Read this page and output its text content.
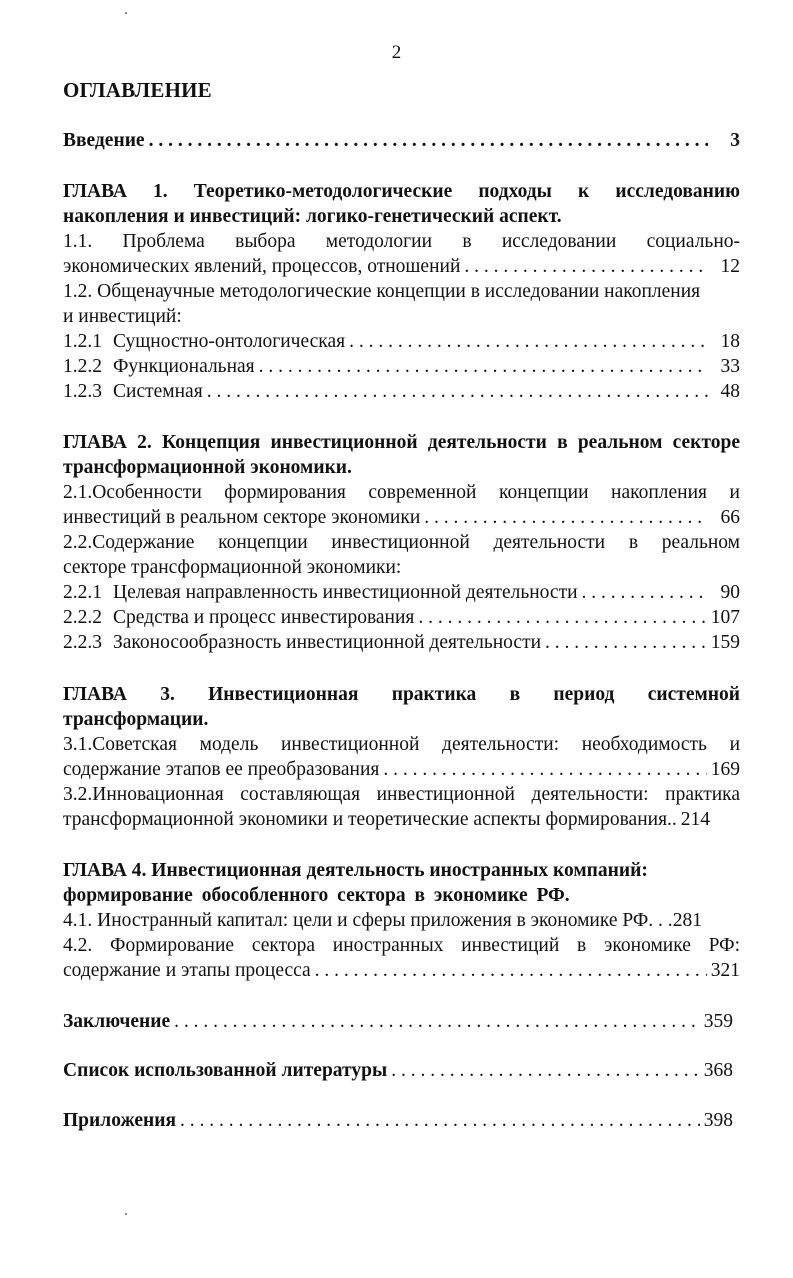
2
ОГЛАВЛЕНИЕ
Введение . . .	3
ГЛАВА 1. Теоретико-методологические подходы к исследованию
накопления и инвестиций: логико-генетический аспект.
1.1. Проблема выбора методологии в исследовании социально-
экономических явлений, процессов, отношений . . .	12
1.2. Общенаучные методологические концепции в исследовании накопления
и инвестиций:
1.2.1 Сущностно-онтологическая . . .	18
1.2.2 Функциональная . . .	33
1.2.3 Системная . . .	48
ГЛАВА 2. Концепция инвестиционной деятельности в реальном секторе
трансформационной экономики.
2.1.Особенности формирования современной концепции накопления и
инвестиций в реальном секторе экономики . . .	66
2.2.Содержание концепции инвестиционной деятельности в реальном
секторе трансформационной экономики:
2.2.1 Целевая направленность инвестиционной деятельности . . .	90
2.2.2 Средства и процесс инвестирования . . .	107
2.2.3 Законосообразность инвестиционной деятельности . . .	159
ГЛАВА 3. Инвестиционная практика в период системной
трансформации.
3.1.Советская модель инвестиционной деятельности: необходимость и
содержание этапов ее преобразования . . .	169
3.2.Инновационная составляющая инвестиционной деятельности: практика
трансформационной экономики и теоретические аспекты формирования.. 214
ГЛАВА 4. Инвестиционная деятельность иностранных компаний:
формирование обособленного сектора в экономике РФ.
4.1. Иностранный капитал: цели и сферы приложения в экономике РФ. . . 281
4.2. Формирование сектора иностранных инвестиций в экономике РФ:
содержание и этапы процесса . . .	321
Заключение . . .	359
Список использованной литературы . . .	368
Приложения . . .	398
